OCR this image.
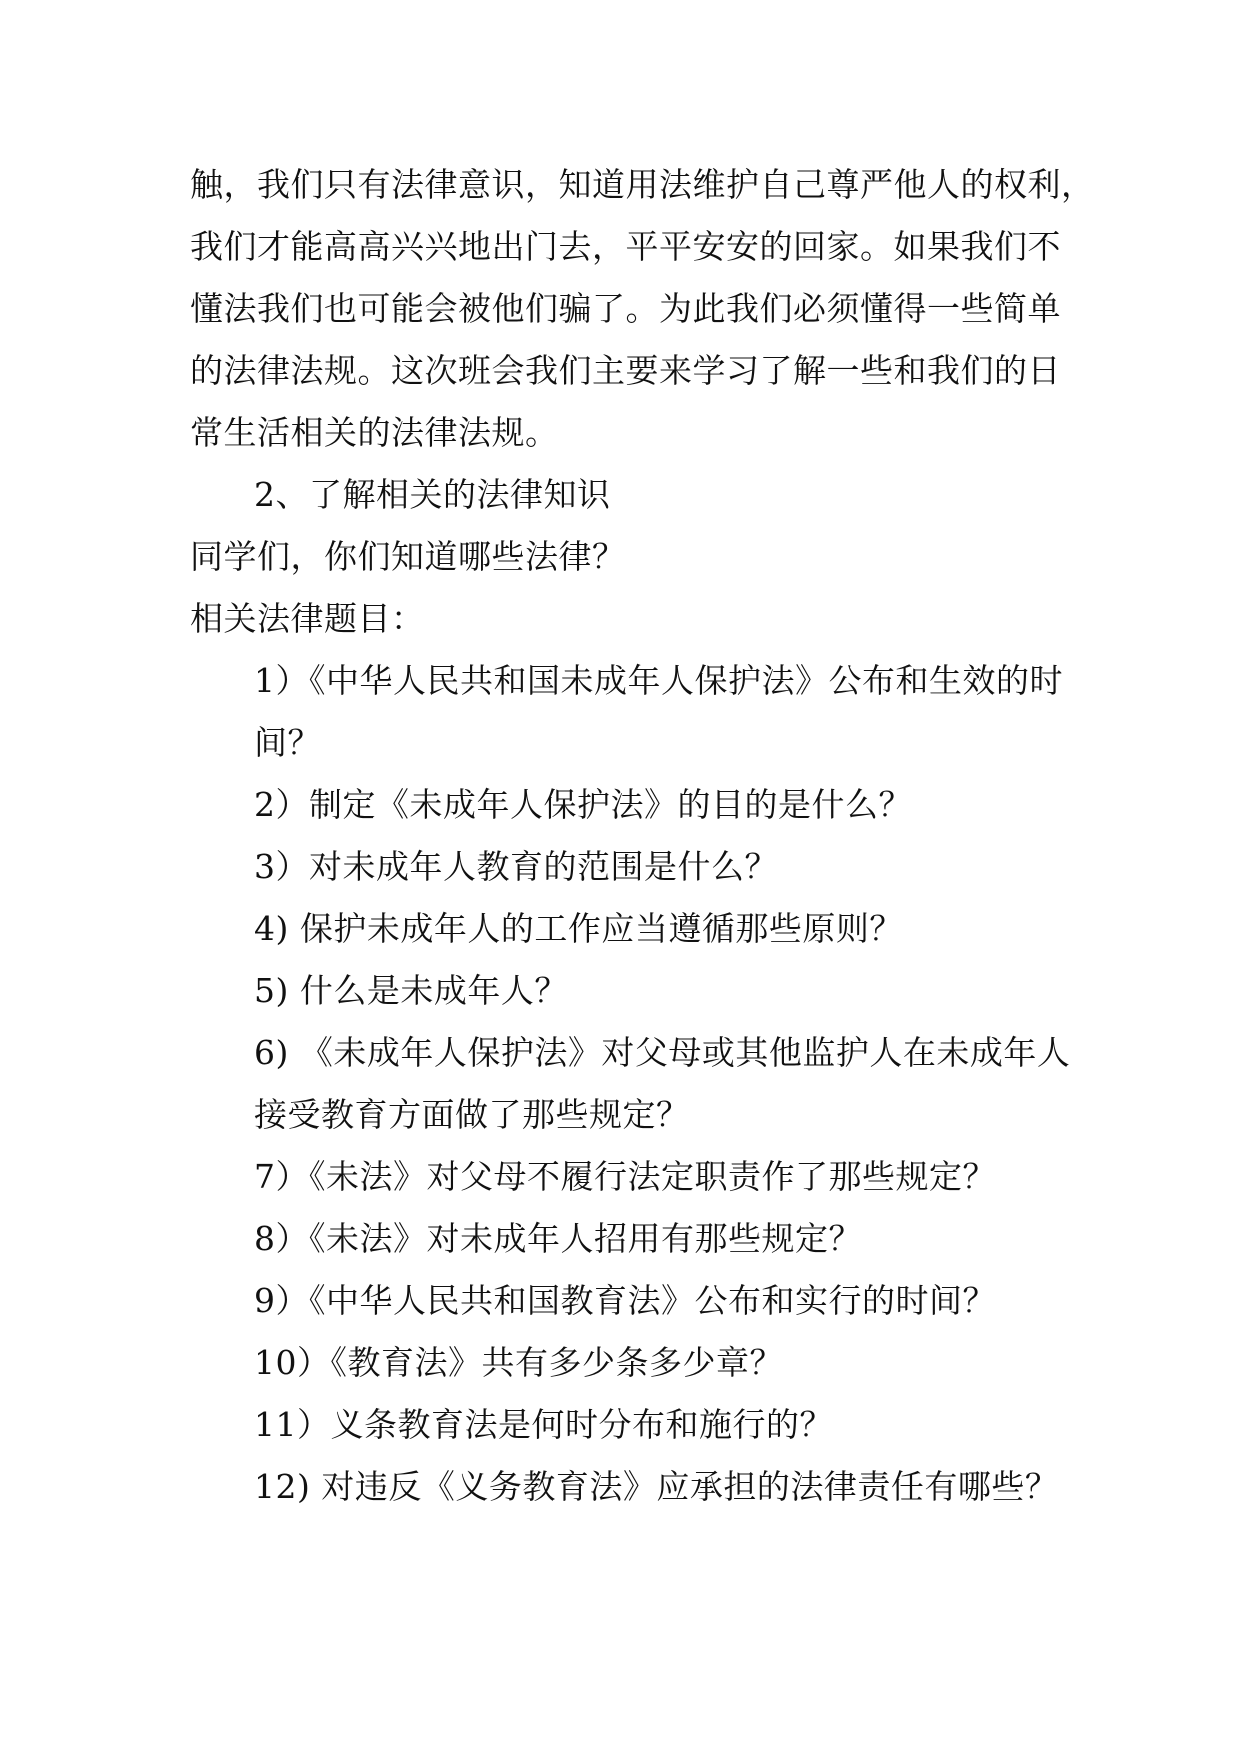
触，我们只有法律意识，知道用法维护自己尊严他人的权利，
我们才能高高兴兴地出门去，平平安安的回家。如果我们不
懂法我们也可能会被他们骗了。为此我们必须懂得一些简单
的法律法规。这次班会我们主要来学习了解一些和我们的日
常生活相关的法律法规。
2、了解相关的法律知识
同学们，你们知道哪些法律？
相关法律题目：
1）《中华人民共和国未成年人保护法》公布和生效的时
间？
2）制定《未成年人保护法》的目的是什么？
3）对未成年人教育的范围是什么？
4) 保护未成年人的工作应当遵循那些原则？
5) 什么是未成年人？
6) 《未成年人保护法》对父母或其他监护人在未成年人
接受教育方面做了那些规定？
7）《未法》对父母不履行法定职责作了那些规定？
8）《未法》对未成年人招用有那些规定？
9）《中华人民共和国教育法》公布和实行的时间？
10）《教育法》共有多少条多少章？
11）义条教育法是何时分布和施行的？
12) 对违反《义务教育法》应承担的法律责任有哪些？
